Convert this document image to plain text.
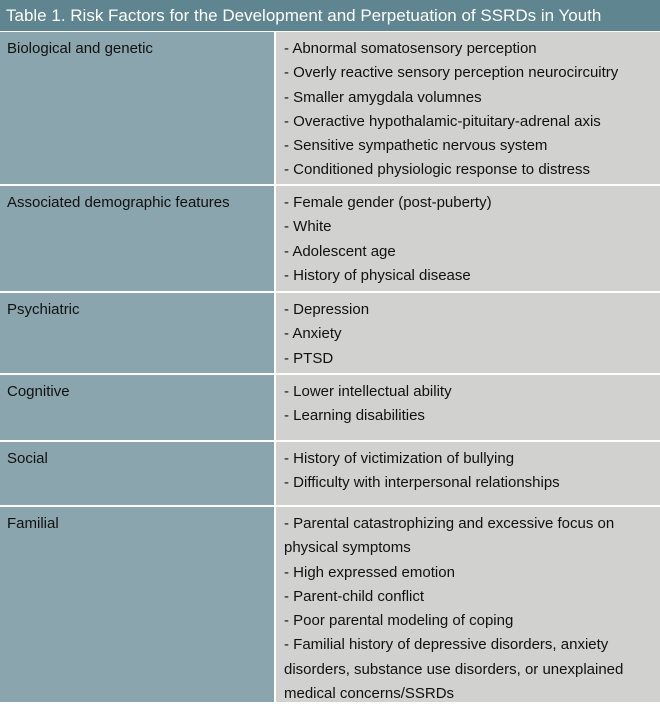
Table 1. Risk Factors for the Development and Perpetuation of SSRDs in Youth
Biological and genetic	- Abnormal somatosensory perception
- Overly reactive sensory perception neurocircuitry
- Smaller amygdala volumnes
- Overactive hypothalamic-pituitary-adrenal axis
- Sensitive sympathetic nervous system
- Conditioned physiologic response to distress
Associated demographic features	- Female gender (post-puberty)
- White
- Adolescent age
- History of physical disease
Psychiatric	- Depression
- Anxiety
- PTSD
Cognitive	- Lower intellectual ability
- Learning disabilities
Social	- History of victimization of bullying
- Difficulty with interpersonal relationships
Familial	- Parental catastrophizing and excessive focus on physical symptoms
- High expressed emotion
- Parent-child conflict
- Poor parental modeling of coping
- Familial history of depressive disorders, anxiety disorders, substance use disorders, or unexplained medical concerns/SSRDs
